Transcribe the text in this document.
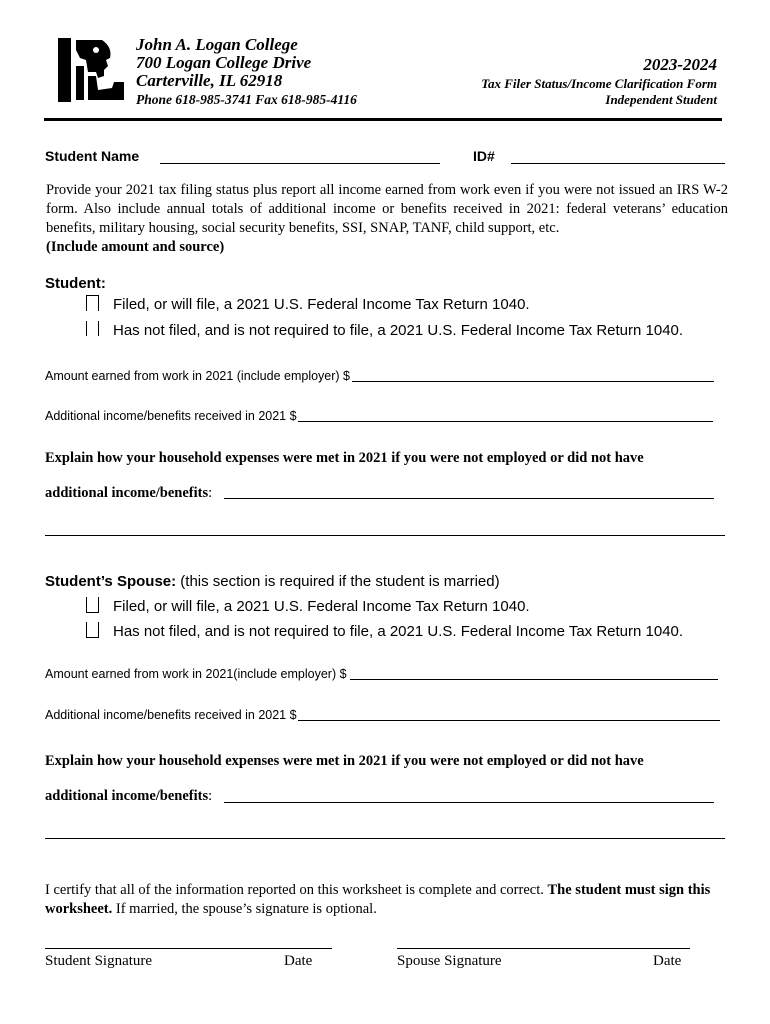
John A. Logan College
700 Logan College Drive
Carterville, IL 62918
Phone 618-985-3741 Fax 618-985-4116
2023-2024
Tax Filer Status/Income Clarification Form
Independent Student
Student Name	ID#
Provide your 2021 tax filing status plus report all income earned from work even if you were not issued an IRS W-2 form. Also include annual totals of additional income or benefits received in 2021: federal veterans’ education benefits, military housing, social security benefits, SSI, SNAP, TANF, child support, etc.
(Include amount and source)
Student:
Filed, or will file, a 2021 U.S. Federal Income Tax Return 1040.
Has not filed, and is not required to file, a 2021 U.S. Federal Income Tax Return 1040.
Amount earned from work in 2021 (include employer) $
Additional income/benefits received in 2021 $
Explain how your household expenses were met in 2021 if you were not employed or did not have
additional income/benefits:
Student’s Spouse: (this section is required if the student is married)
Filed, or will file, a 2021 U.S. Federal Income Tax Return 1040.
Has not filed, and is not required to file, a 2021 U.S. Federal Income Tax Return 1040.
Amount earned from work in 2021(include employer) $
Additional income/benefits received in 2021 $
Explain how your household expenses were met in 2021 if you were not employed or did not have
additional income/benefits:
I certify that all of the information reported on this worksheet is complete and correct. The student must sign this worksheet. If married, the spouse’s signature is optional.
Student Signature	Date	Spouse Signature	Date
